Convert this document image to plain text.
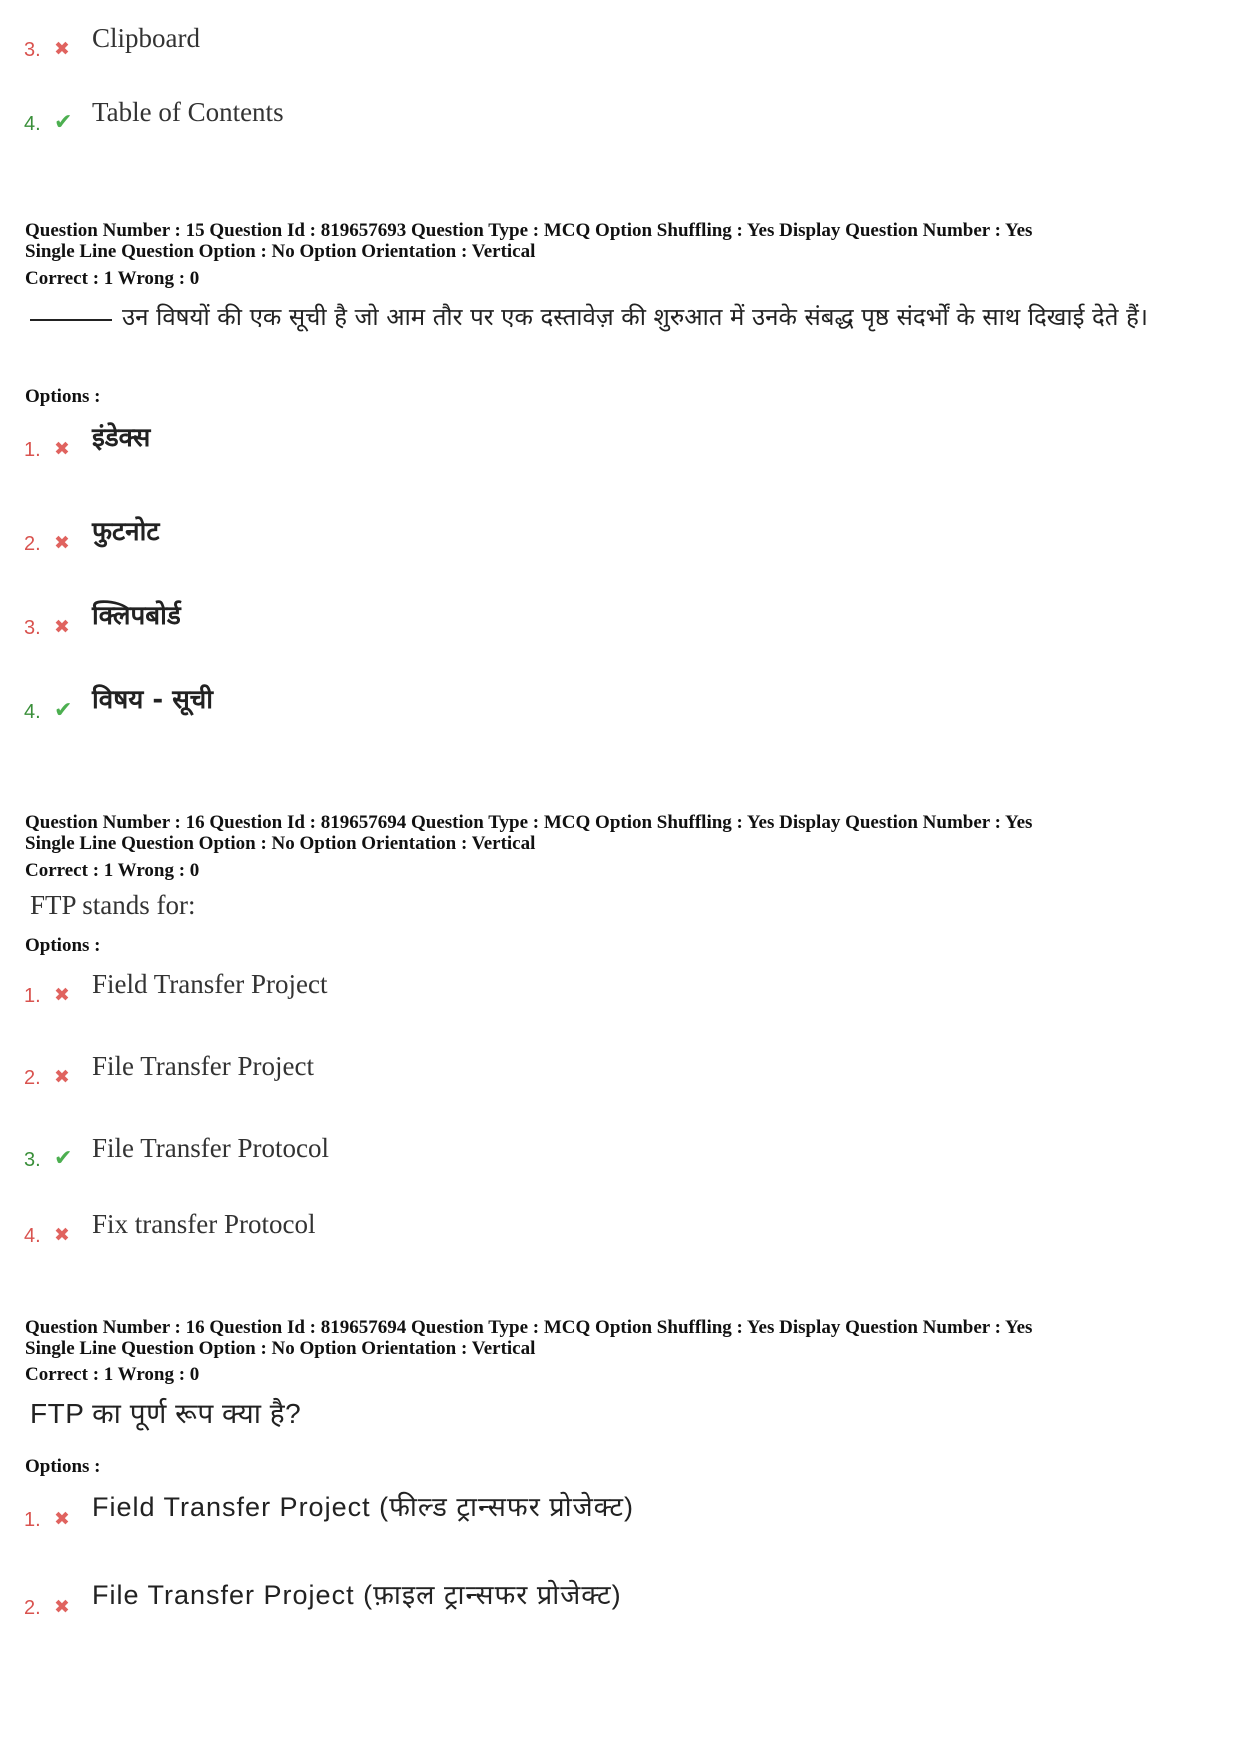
3. ✖ Clipboard
4. ✔ Table of Contents
Question Number : 15 Question Id : 819657693 Question Type : MCQ Option Shuffling : Yes Display Question Number : Yes
Single Line Question Option : No Option Orientation : Vertical
Correct : 1 Wrong : 0
उन विषयों की एक सूची है जो आम तौर पर एक दस्तावेज़ की शुरुआत में उनके संबद्ध पृष्ठ संदर्भों के साथ दिखाई देते हैं।
Options :
1. ✖ इंडेक्स
2. ✖ फुटनोट
3. ✖ क्लिपबोर्ड
4. ✔ विषय - सूची
Question Number : 16 Question Id : 819657694 Question Type : MCQ Option Shuffling : Yes Display Question Number : Yes
Single Line Question Option : No Option Orientation : Vertical
Correct : 1 Wrong : 0
FTP stands for:
Options :
1. ✖ Field Transfer Project
2. ✖ File Transfer Project
3. ✔ File Transfer Protocol
4. ✖ Fix transfer Protocol
Question Number : 16 Question Id : 819657694 Question Type : MCQ Option Shuffling : Yes Display Question Number : Yes
Single Line Question Option : No Option Orientation : Vertical
Correct : 1 Wrong : 0
FTP का पूर्ण रूप क्या है?
Options :
1. ✖ Field Transfer Project (फील्ड ट्रान्सफर प्रोजेक्ट)
2. ✖ File Transfer Project (फ़ाइल ट्रान्सफर प्रोजेक्ट)
